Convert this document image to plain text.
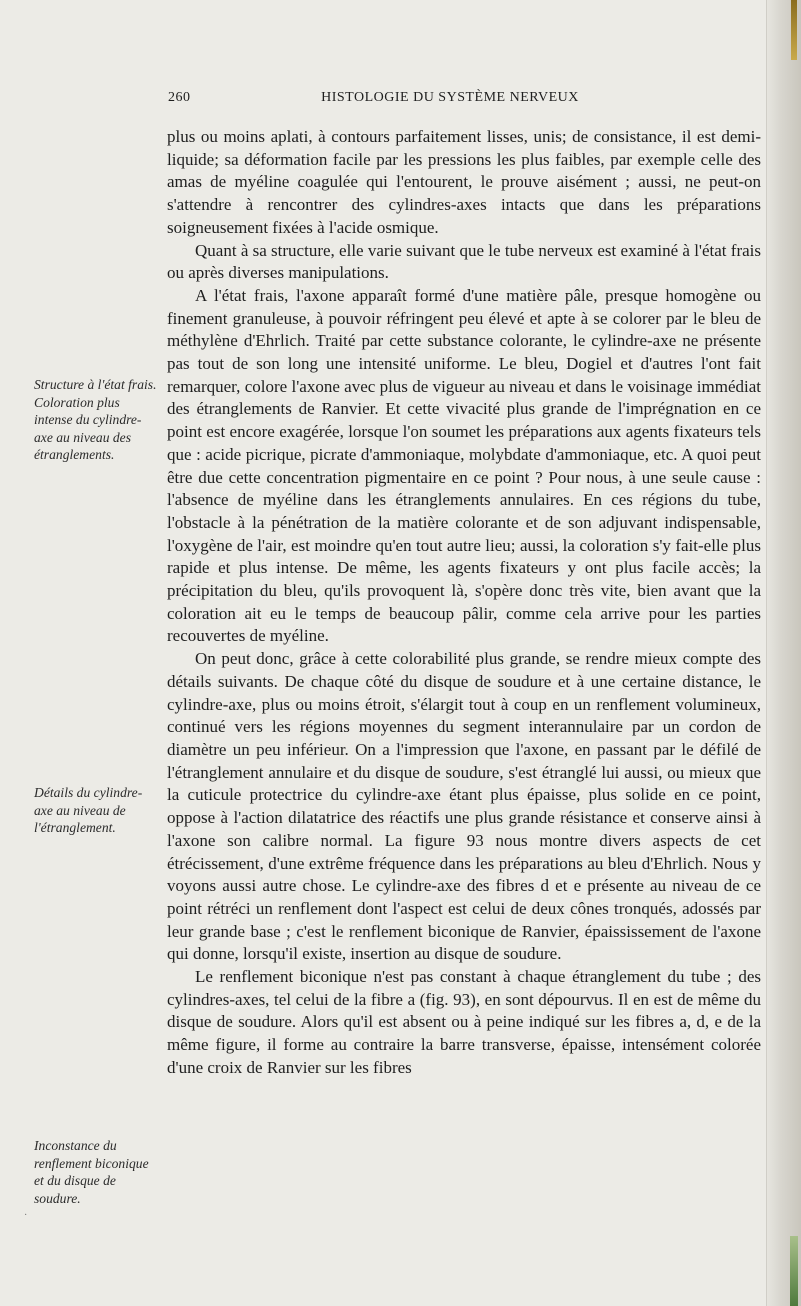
260	HISTOLOGIE DU SYSTÈME NERVEUX
Structure à l'état frais. Coloration plus intense du cylindre-axe au niveau des étranglements.
Détails du cylindre-axe au niveau de l'étranglement.
Inconstance du renflement biconique et du disque de soudure.

plus ou moins aplati, à contours parfaitement lisses, unis; de consistance, il est demi-liquide; sa déformation facile par les pressions les plus faibles, par exemple celle des amas de myéline coagulée qui l'entourent, le prouve aisément ; aussi, ne peut-on s'attendre à rencontrer des cylindres-axes intacts que dans les préparations soigneusement fixées à l'acide osmique.

Quant à sa structure, elle varie suivant que le tube nerveux est examiné à l'état frais ou après diverses manipulations.

A l'état frais, l'axone apparaît formé d'une matière pâle, presque homogène ou finement granuleuse, à pouvoir réfringent peu élevé et apte à se colorer par le bleu de méthylène d'Ehrlich. Traité par cette substance colorante, le cylindre-axe ne présente pas tout de son long une intensité uniforme. Le bleu, Dogiel et d'autres l'ont fait remarquer, colore l'axone avec plus de vigueur au niveau et dans le voisinage immédiat des étranglements de Ranvier. Et cette vivacité plus grande de l'imprégnation en ce point est encore exagérée, lorsque l'on soumet les préparations aux agents fixateurs tels que : acide picrique, picrate d'ammoniaque, molybdate d'ammoniaque, etc. A quoi peut être due cette concentration pigmentaire en ce point ? Pour nous, à une seule cause : l'absence de myéline dans les étranglements annulaires. En ces régions du tube, l'obstacle à la pénétration de la matière colorante et de son adjuvant indispensable, l'oxygène de l'air, est moindre qu'en tout autre lieu; aussi, la coloration s'y fait-elle plus rapide et plus intense. De même, les agents fixateurs y ont plus facile accès; la précipitation du bleu, qu'ils provoquent là, s'opère donc très vite, bien avant que la coloration ait eu le temps de beaucoup pâlir, comme cela arrive pour les parties recouvertes de myéline.

On peut donc, grâce à cette colorabilité plus grande, se rendre mieux compte des détails suivants. De chaque côté du disque de soudure et à une certaine distance, le cylindre-axe, plus ou moins étroit, s'élargit tout à coup en un renflement volumineux, continué vers les régions moyennes du segment interannulaire par un cordon de diamètre un peu inférieur. On a l'impression que l'axone, en passant par le défilé de l'étranglement annulaire et du disque de soudure, s'est étranglé lui aussi, ou mieux que la cuticule protectrice du cylindre-axe étant plus épaisse, plus solide en ce point, oppose à l'action dilatatrice des réactifs une plus grande résistance et conserve ainsi à l'axone son calibre normal. La figure 93 nous montre divers aspects de cet étrécissement, d'une extrême fréquence dans les préparations au bleu d'Ehrlich. Nous y voyons aussi autre chose. Le cylindre-axe des fibres d et e présente au niveau de ce point rétréci un renflement dont l'aspect est celui de deux cônes tronqués, adossés par leur grande base ; c'est le renflement biconique de Ranvier, épaississement de l'axone qui donne, lorsqu'il existe, insertion au disque de soudure.

Le renflement biconique n'est pas constant à chaque étranglement du tube ; des cylindres-axes, tel celui de la fibre a (fig. 93), en sont dépourvus. Il en est de même du disque de soudure. Alors qu'il est absent ou à peine indiqué sur les fibres a, d, e de la même figure, il forme au contraire la barre transverse, épaisse, intensément colorée d'une croix de Ranvier sur les fibres

·
